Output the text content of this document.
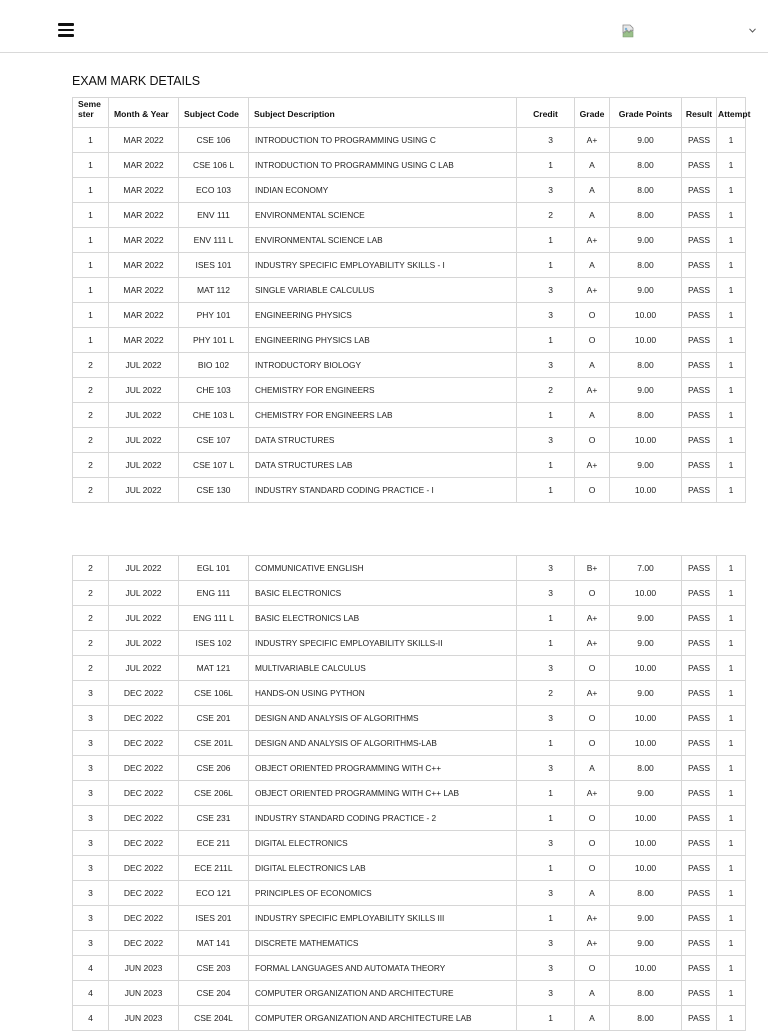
EXAM MARK DETAILS
Seme ster	Month & Year	Subject Code	Subject Description	Credit	Grade	Grade Points	Result	Attempt
1	MAR 2022	CSE 106	INTRODUCTION TO PROGRAMMING USING C	3	A+	9.00	PASS	1
1	MAR 2022	CSE 106 L	INTRODUCTION TO PROGRAMMING USING C LAB	1	A	8.00	PASS	1
1	MAR 2022	ECO 103	INDIAN ECONOMY	3	A	8.00	PASS	1
1	MAR 2022	ENV 111	ENVIRONMENTAL SCIENCE	2	A	8.00	PASS	1
1	MAR 2022	ENV 111 L	ENVIRONMENTAL SCIENCE LAB	1	A+	9.00	PASS	1
1	MAR 2022	ISES 101	INDUSTRY SPECIFIC EMPLOYABILITY SKILLS - I	1	A	8.00	PASS	1
1	MAR 2022	MAT 112	SINGLE VARIABLE CALCULUS	3	A+	9.00	PASS	1
1	MAR 2022	PHY 101	ENGINEERING PHYSICS	3	O	10.00	PASS	1
1	MAR 2022	PHY 101 L	ENGINEERING PHYSICS LAB	1	O	10.00	PASS	1
2	JUL 2022	BIO 102	INTRODUCTORY BIOLOGY	3	A	8.00	PASS	1
2	JUL 2022	CHE 103	CHEMISTRY FOR ENGINEERS	2	A+	9.00	PASS	1
2	JUL 2022	CHE 103 L	CHEMISTRY FOR ENGINEERS LAB	1	A	8.00	PASS	1
2	JUL 2022	CSE 107	DATA STRUCTURES	3	O	10.00	PASS	1
2	JUL 2022	CSE 107 L	DATA STRUCTURES LAB	1	A+	9.00	PASS	1
2	JUL 2022	CSE 130	INDUSTRY STANDARD CODING PRACTICE - I	1	O	10.00	PASS	1
2	JUL 2022	EGL 101	COMMUNICATIVE ENGLISH	3	B+	7.00	PASS	1
2	JUL 2022	ENG 111	BASIC ELECTRONICS	3	O	10.00	PASS	1
2	JUL 2022	ENG 111 L	BASIC ELECTRONICS LAB	1	A+	9.00	PASS	1
2	JUL 2022	ISES 102	INDUSTRY SPECIFIC EMPLOYABILITY SKILLS-II	1	A+	9.00	PASS	1
2	JUL 2022	MAT 121	MULTIVARIABLE CALCULUS	3	O	10.00	PASS	1
3	DEC 2022	CSE 106L	HANDS-ON USING PYTHON	2	A+	9.00	PASS	1
3	DEC 2022	CSE 201	DESIGN AND ANALYSIS OF ALGORITHMS	3	O	10.00	PASS	1
3	DEC 2022	CSE 201L	DESIGN AND ANALYSIS OF ALGORITHMS-LAB	1	O	10.00	PASS	1
3	DEC 2022	CSE 206	OBJECT ORIENTED PROGRAMMING WITH C++	3	A	8.00	PASS	1
3	DEC 2022	CSE 206L	OBJECT ORIENTED PROGRAMMING WITH C++ LAB	1	A+	9.00	PASS	1
3	DEC 2022	CSE 231	INDUSTRY STANDARD CODING PRACTICE - 2	1	O	10.00	PASS	1
3	DEC 2022	ECE 211	DIGITAL ELECTRONICS	3	O	10.00	PASS	1
3	DEC 2022	ECE 211L	DIGITAL ELECTRONICS LAB	1	O	10.00	PASS	1
3	DEC 2022	ECO 121	PRINCIPLES OF ECONOMICS	3	A	8.00	PASS	1
3	DEC 2022	ISES 201	INDUSTRY SPECIFIC EMPLOYABILITY SKILLS III	1	A+	9.00	PASS	1
3	DEC 2022	MAT 141	DISCRETE MATHEMATICS	3	A+	9.00	PASS	1
4	JUN 2023	CSE 203	FORMAL LANGUAGES AND AUTOMATA THEORY	3	O	10.00	PASS	1
4	JUN 2023	CSE 204	COMPUTER ORGANIZATION AND ARCHITECTURE	3	A	8.00	PASS	1
4	JUN 2023	CSE 204L	COMPUTER ORGANIZATION AND ARCHITECTURE LAB	1	A	8.00	PASS	1
